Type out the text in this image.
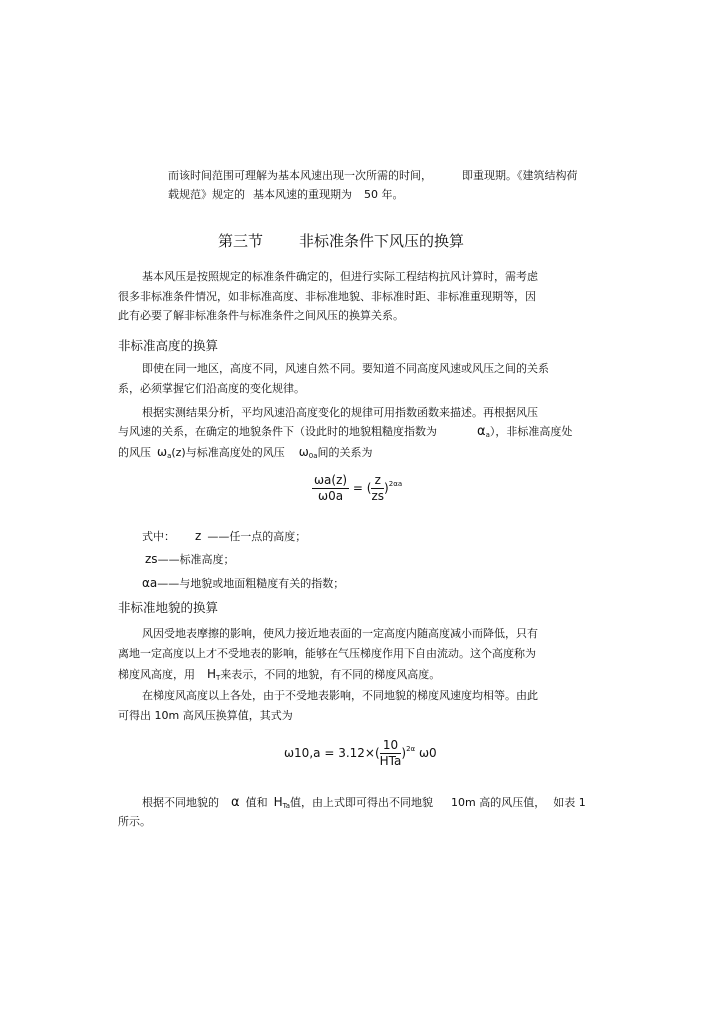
而该时间范围可理解为基本风速出现一次所需的时间，	即重现期。《建筑结构荷
载规范》规定的 基本风速的重现期为 50 年。
第三节 非标准条件下风压的换算
基本风压是按照规定的标准条件确定的，但进行实际工程结构抗风计算时，需考虑
很多非标准条件情况，如非标准高度、非标准地貌、非标准时距、非标准重现期等，因
此有必要了解非标准条件与标准条件之间风压的换算关系。
非标准高度的换算
即使在同一地区，高度不同，风速自然不同。要知道不同高度风速或风压之间的关系
系，必须掌握它们沿高度的变化规律。
根据实测结果分析，平均风速沿高度变化的规律可用指数函数来描述。再根据风压
与风速的关系，在确定的地貌条件下（设此时的地貌粗糙度指数为	$\alpha_a$），非标准高度处
的风压 $\omega_a(z)$与标准高度处的风压 $\omega_{0a}$间的关系为
$\frac{\omega a(z)}{\omega 0a}$ = ( $\frac{z}{zs} )^{2\alpha a}$
式中： z ——任一点的高度；
zs——标准高度；
αa——与地貌或地面粗糙度有关的指数；
非标准地貌的换算
风因受地表摩擦的影响，使风力接近地表面的一定高度内随高度减小而降低，只有
离地一定高度以上才不受地表的影响，能够在气压梯度作用下自由流动。这个高度称为
梯度风高度，用 $H_T$来表示，不同的地貌，有不同的梯度风高度。
在梯度风高度以上各处，由于不受地表影响，不同地貌的梯度风速度均相等。由此
可得出 10m 高风压换算值，其式为
$\omega 10,a = 3.12\times( \frac{10}{\text{HTa}} )^{2\alpha}$ ω0
根据不同地貌的 α 值和 $H_{Ta}$值，由上式即可得出不同地貌 10m 高的风压值， 如表 1
所示。
